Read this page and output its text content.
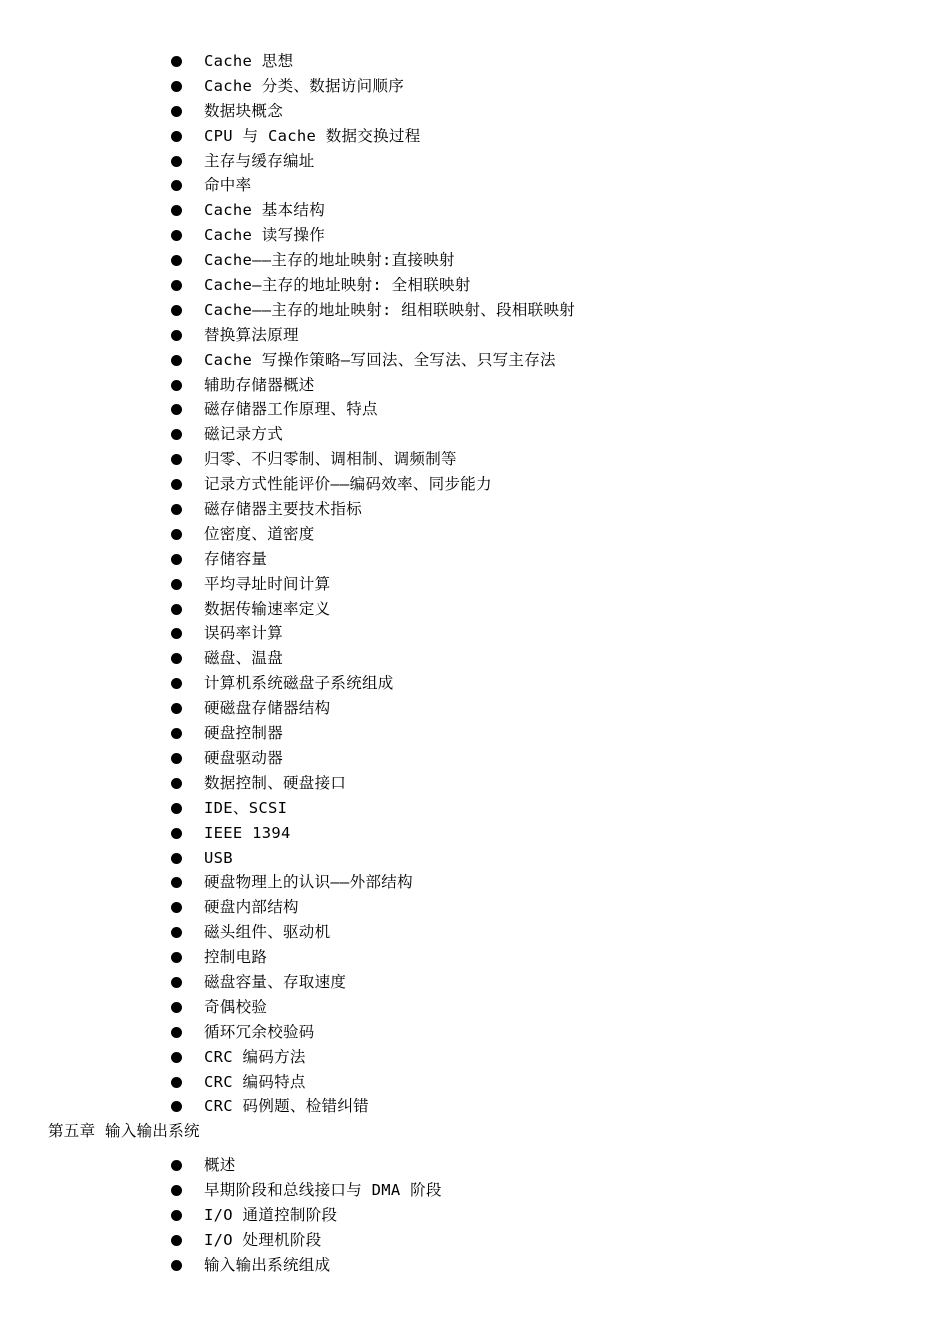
Cache 思想
Cache 分类、数据访问顺序
数据块概念
CPU 与 Cache 数据交换过程
主存与缓存编址
命中率
Cache 基本结构
Cache 读写操作
Cache——主存的地址映射:直接映射
Cache—主存的地址映射: 全相联映射
Cache——主存的地址映射: 组相联映射、段相联映射
替换算法原理
Cache 写操作策略—写回法、全写法、只写主存法
辅助存储器概述
磁存储器工作原理、特点
磁记录方式
归零、不归零制、调相制、调频制等
记录方式性能评价——编码效率、同步能力
磁存储器主要技术指标
位密度、道密度
存储容量
平均寻址时间计算
数据传输速率定义
误码率计算
磁盘、温盘
计算机系统磁盘子系统组成
硬磁盘存储器结构
硬盘控制器
硬盘驱动器
数据控制、硬盘接口
IDE、SCSI
IEEE 1394
USB
硬盘物理上的认识——外部结构
硬盘内部结构
磁头组件、驱动机
控制电路
磁盘容量、存取速度
奇偶校验
循环冗余校验码
CRC 编码方法
CRC 编码特点
CRC 码例题、检错纠错
第五章 输入输出系统
概述
早期阶段和总线接口与 DMA 阶段
I/O 通道控制阶段
I/O 处理机阶段
输入输出系统组成
